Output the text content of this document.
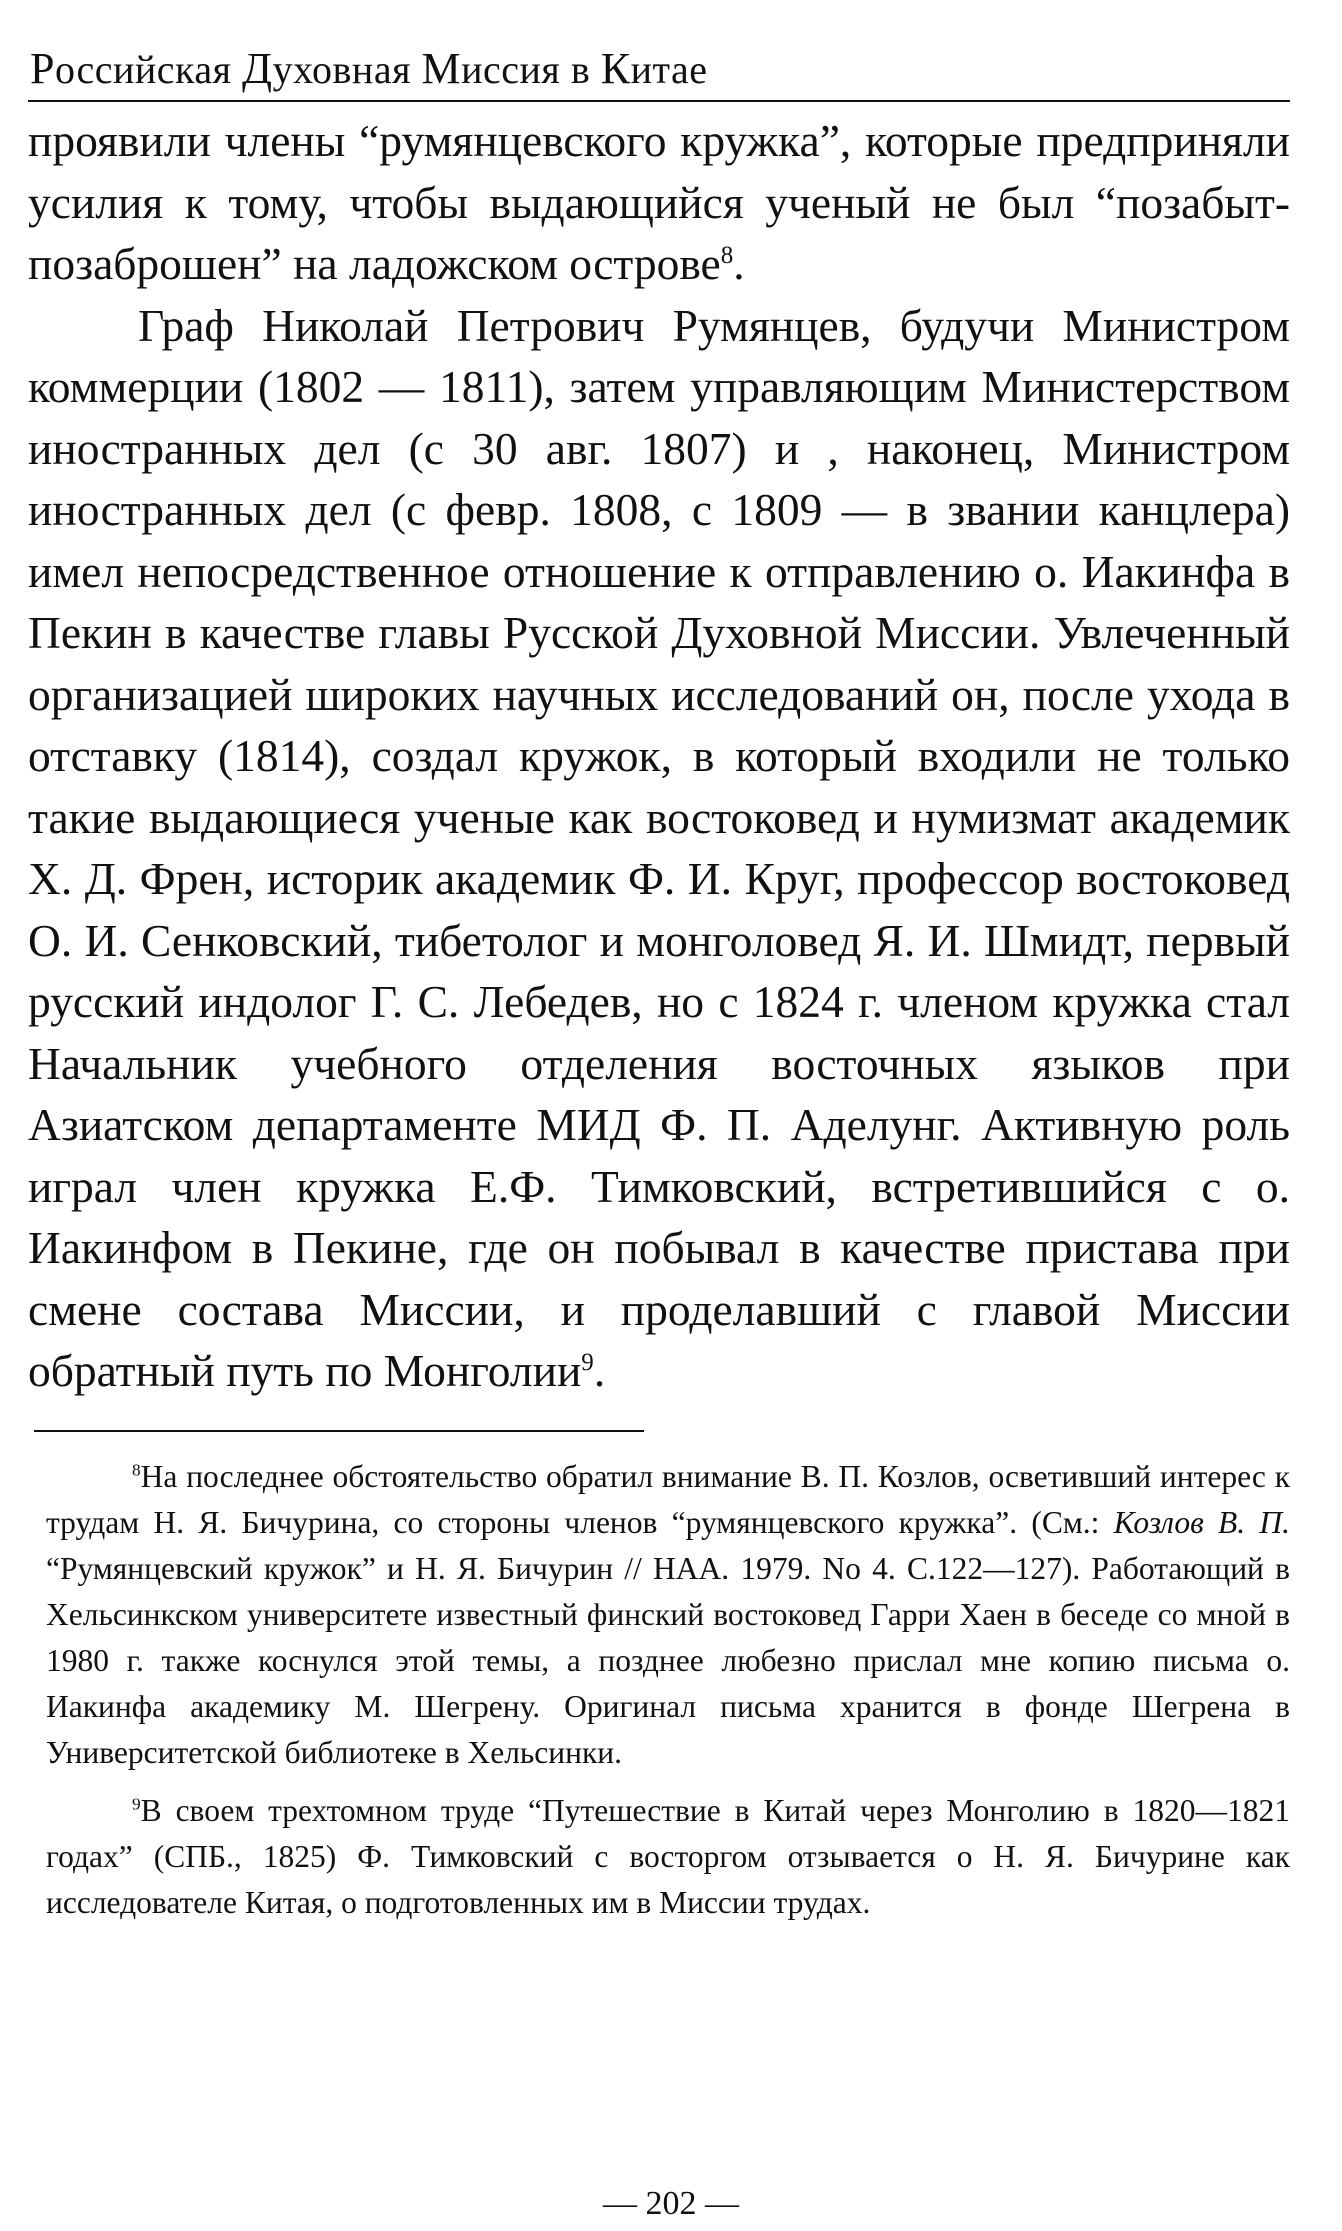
Российская Духовная Миссия в Китае

проявили члены “румянцевского кружка”, которые предприняли усилия к тому, чтобы выдающийся ученый не был “позабыт-позаброшен” на ладожском острове$^8$.

Граф Николай Петрович Румянцев, будучи Министром коммерции (1802 — 1811), затем управляющим Министерством иностранных дел (с 30 авг. 1807) и , наконец, Министром иностранных дел (с февр. 1808, с 1809 — в звании канцлера) имел непосредственное отношение к отправлению о. Иакинфа в Пекин в качестве главы Русской Духовной Миссии. Увлеченный организацией широких научных исследований он, после ухода в отставку (1814), создал кружок, в который входили не только такие выдающиеся ученые как востоковед и нумизмат академик Х. Д. Френ, историк академик Ф. И. Круг, профессор востоковед О. И. Сенковский, тибетолог и монголовед Я. И. Шмидт, первый русский индолог Г. С. Лебедев, но с 1824 г. членом кружка стал Начальник учебного отделения восточных языков при Азиатском департаменте МИД Ф. П. Аделунг. Активную роль играл член кружка Е.Ф. Тимковский, встретившийся с о. Иакинфом в Пекине, где он побывал в качестве пристава при смене состава Миссии, и проделавший с главой Миссии обратный путь по Монголии$^9$.

$^8$На последнее обстоятельство обратил внимание В. П. Козлов, осветивший интерес к трудам Н. Я. Бичурина, со стороны членов “румянцевского кружка”. (См.: Козлов В. П. “Румянцевский кружок” и Н. Я. Бичурин // НАА. 1979. No 4. С.122—127). Работающий в Хельсинкском университете известный финский востоковед Гарри Хаен в беседе со мной в 1980 г. также коснулся этой темы, а позднее любезно прислал мне копию письма о. Иакинфа академику М. Шегрену. Оригинал письма хранится в фонде Шегрена в Университетской библиотеке в Хельсинки.

$^9$В своем трехтомном труде “Путешествие в Китай через Монголию в 1820—1821 годах” (СПБ., 1825) Ф. Тимковский с восторгом отзывается о Н. Я. Бичурине как исследователе Китая, о подготовленных им в Миссии трудах.

— 202 —
